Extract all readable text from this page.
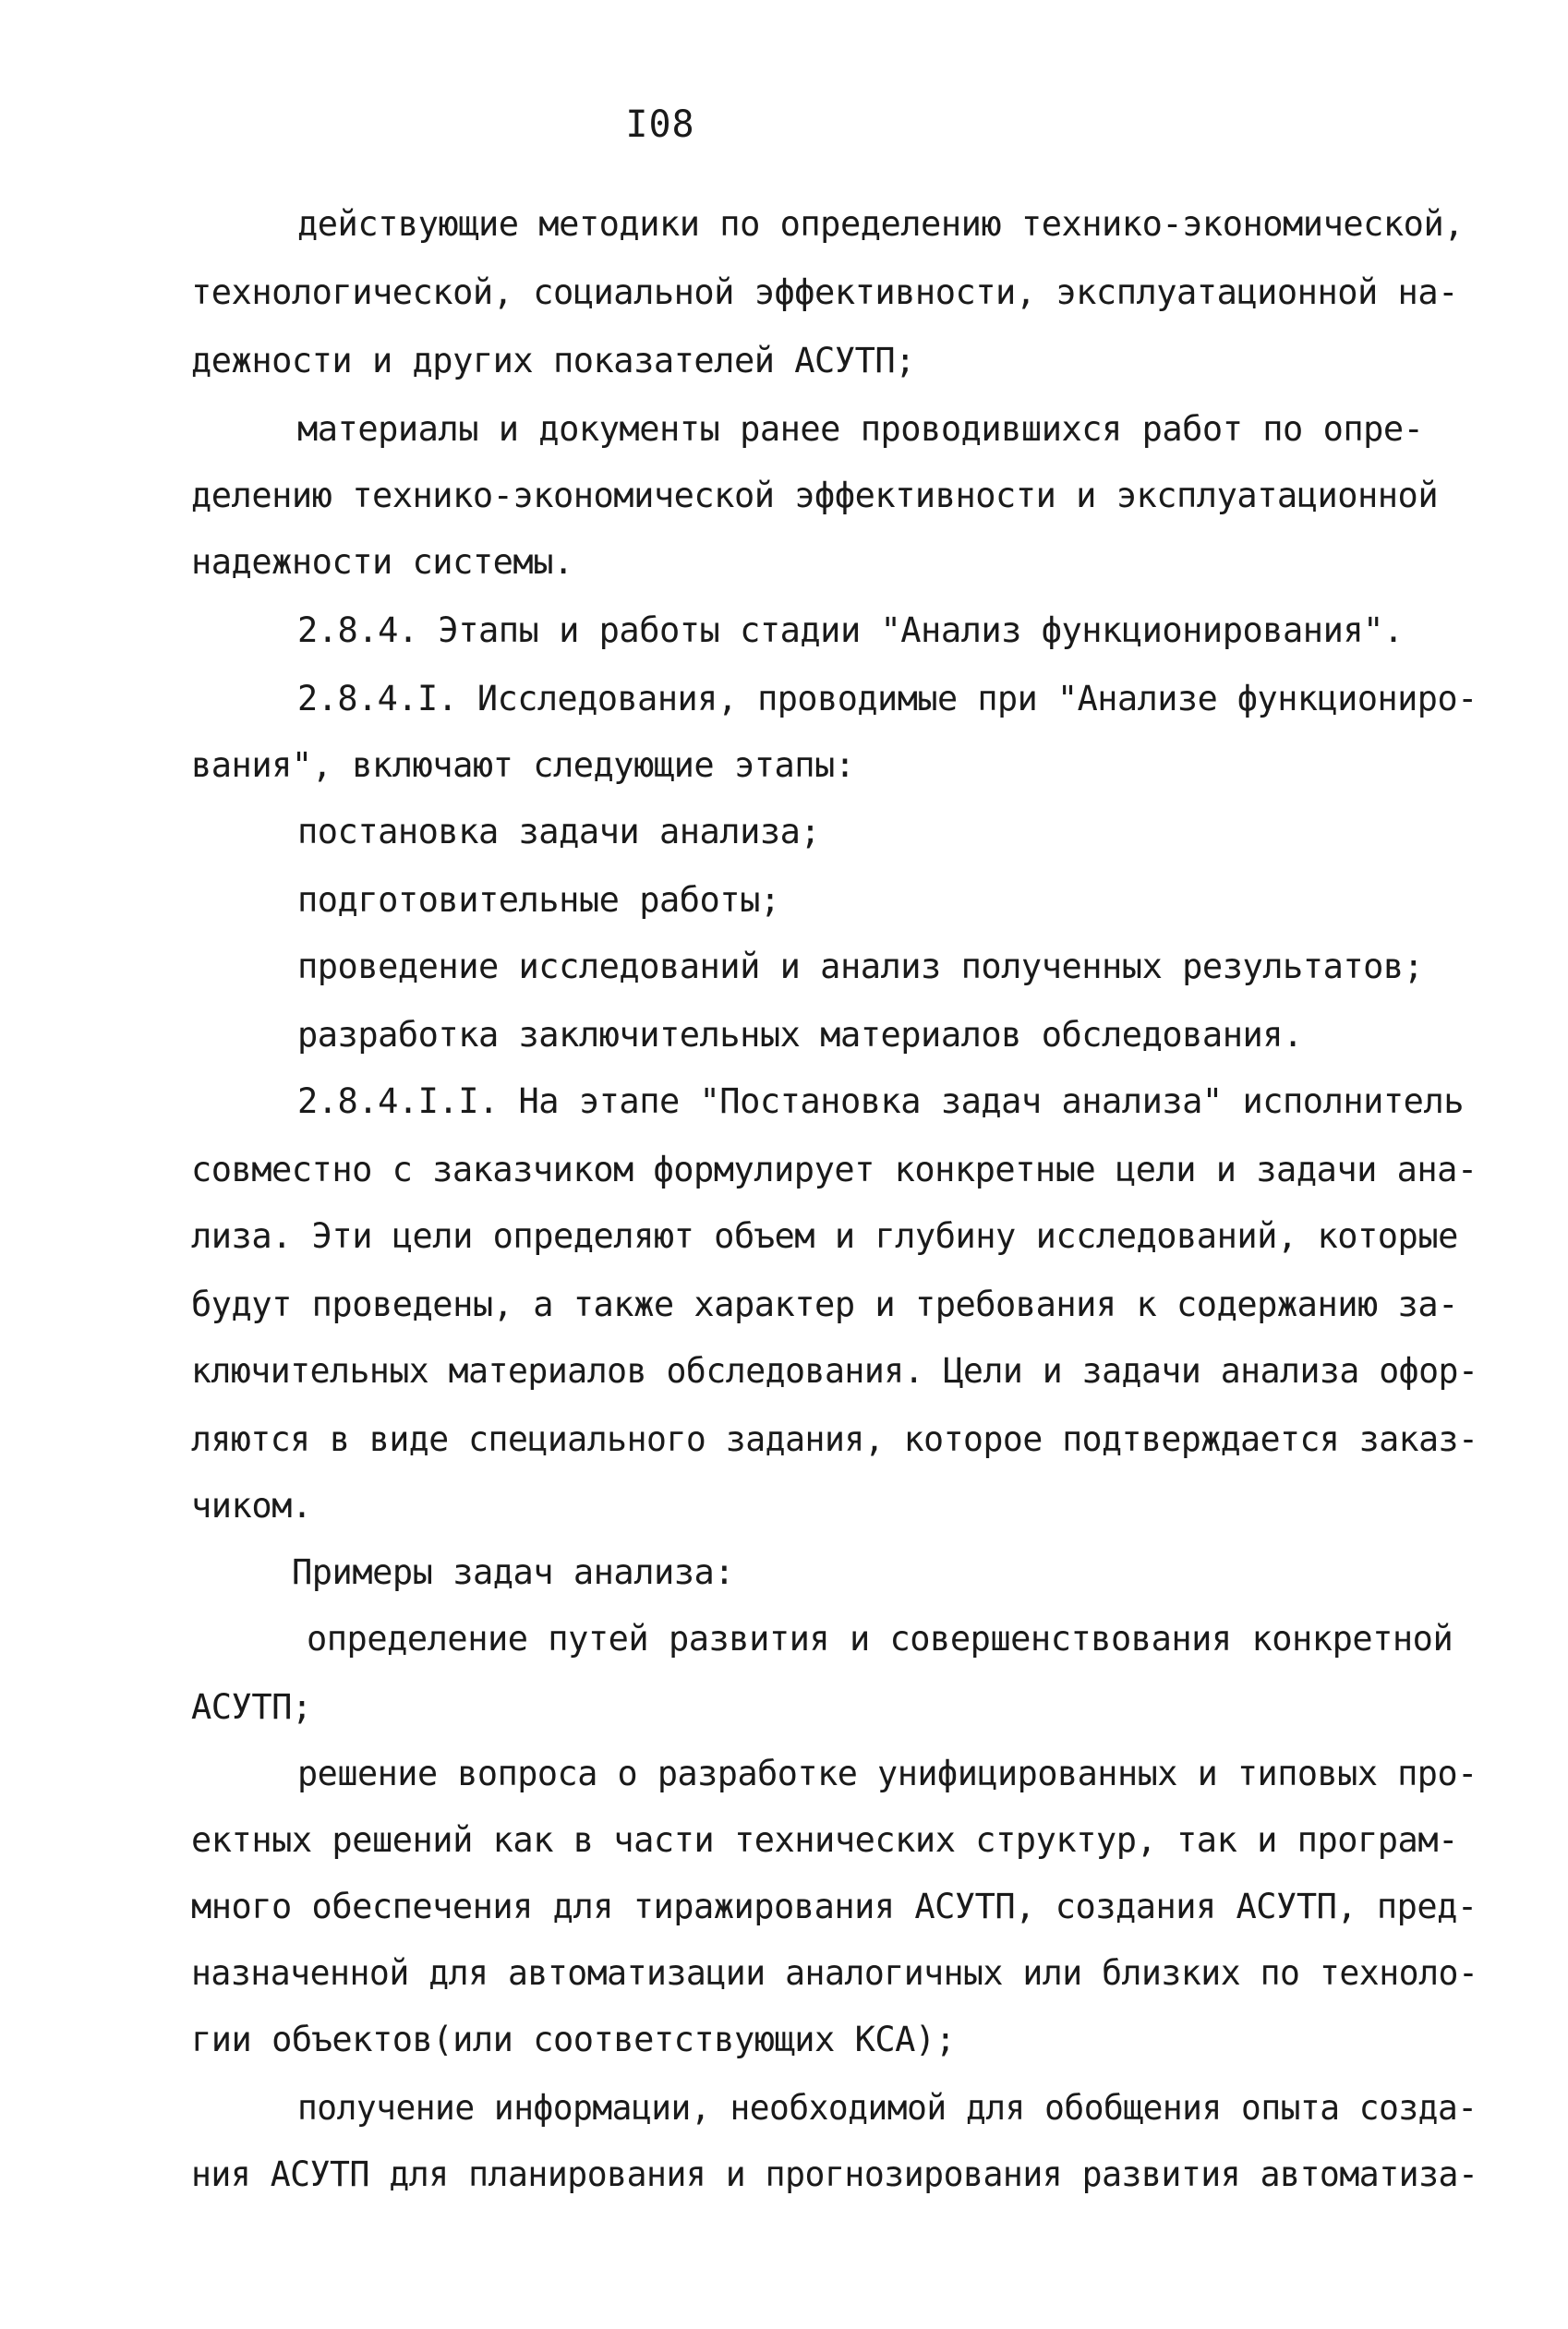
I08
действующие методики по определению технико-экономической,
технологической, социальной эффективности, эксплуатационной на-
дежности и других показателей АСУТП;
материалы и документы ранее проводившихся работ по опре-
делению технико-экономической эффективности и эксплуатационной
надежности системы.
2.8.4. Этапы и работы стадии "Анализ функционирования".
2.8.4.I. Исследования, проводимые при "Анализе функциониро-
вания", включают следующие этапы:
постановка задачи анализа;
подготовительные работы;
проведение исследований и анализ полученных результатов;
разработка заключительных материалов обследования.
2.8.4.I.I. На этапе "Постановка задач анализа" исполнитель
совместно с заказчиком формулирует конкретные цели и задачи ана-
лиза. Эти цели определяют объем и глубину исследований, которые
будут проведены, а также характер и требования к содержанию за-
ключительных материалов обследования. Цели и задачи анализа офор-
ляются в виде специального задания, которое подтверждается заказ-
чиком.
Примеры задач анализа:
определение путей развития и совершенствования конкретной
АСУТП;
решение вопроса о разработке унифицированных и типовых про-
ектных решений как в части технических структур, так и програм-
много обеспечения для тиражирования АСУТП, создания АСУТП, пред-
назначенной для автоматизации аналогичных или близких по техноло-
гии объектов(или соответствующих КСА);
получение информации, необходимой для обобщения опыта созда-
ния АСУТП для планирования и прогнозирования развития автоматиза-
